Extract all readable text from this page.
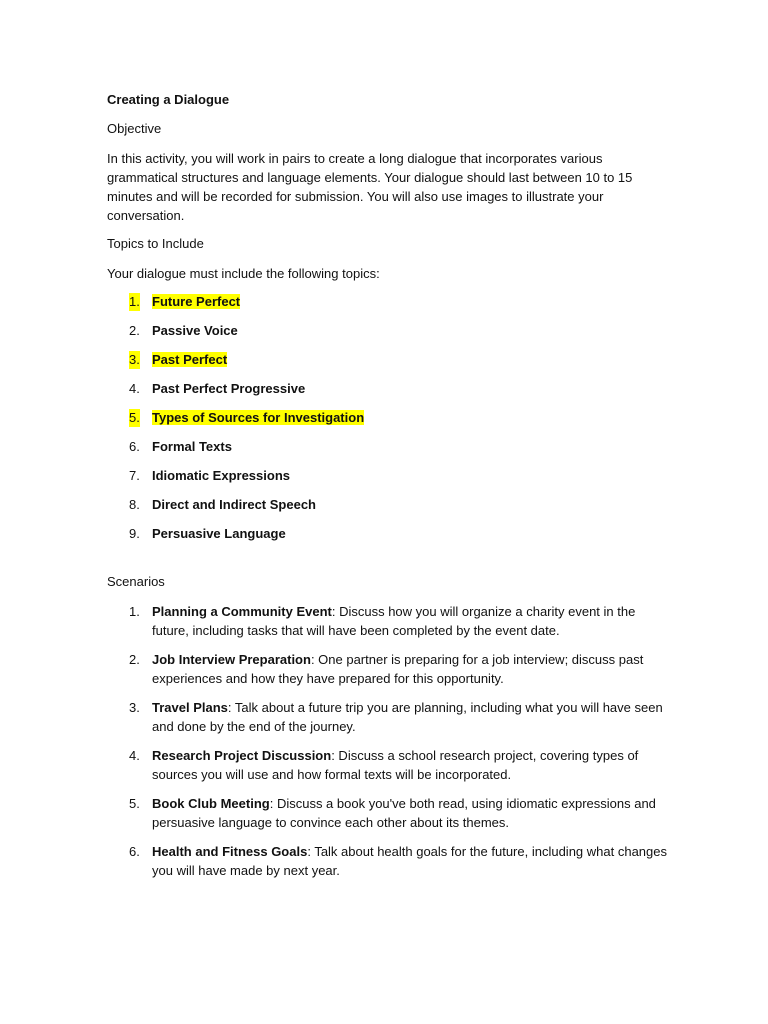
Creating a Dialogue
Objective

In this activity, you will work in pairs to create a long dialogue that incorporates various grammatical structures and language elements. Your dialogue should last between 10 to 15 minutes and will be recorded for submission. You will also use images to illustrate your conversation.

Topics to Include

Your dialogue must include the following topics:

1. Future Perfect
2. Passive Voice
3. Past Perfect
4. Past Perfect Progressive
5. Types of Sources for Investigation
6. Formal Texts
7. Idiomatic Expressions
8. Direct and Indirect Speech
9. Persuasive Language
Scenarios
1. Planning a Community Event: Discuss how you will organize a charity event in the future, including tasks that will have been completed by the event date.
2. Job Interview Preparation: One partner is preparing for a job interview; discuss past experiences and how they have prepared for this opportunity.
3. Travel Plans: Talk about a future trip you are planning, including what you will have seen and done by the end of the journey.
4. Research Project Discussion: Discuss a school research project, covering types of sources you will use and how formal texts will be incorporated.
5. Book Club Meeting: Discuss a book you've both read, using idiomatic expressions and persuasive language to convince each other about its themes.
6. Health and Fitness Goals: Talk about health goals for the future, including what changes you will have made by next year.
